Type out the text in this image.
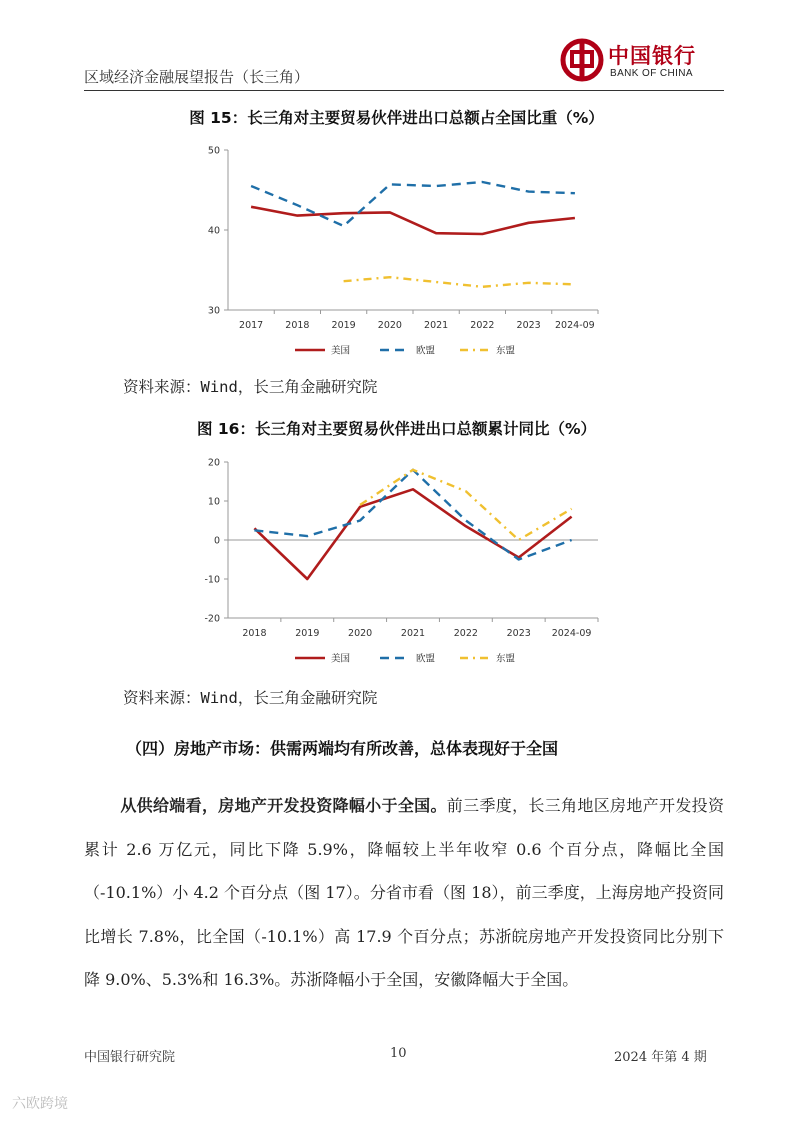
区域经济金融展望报告（长三角）
中国银行
BANK OF CHINA
图 15：长三角对主要贸易伙伴进出口总额占全国比重（%）
30
40
50
2017 2018 2019 2020 2021 2022 2023 2024-09
美国	欧盟	东盟
资料来源：Wind，长三角金融研究院
图 16：长三角对主要贸易伙伴进出口总额累计同比（%）
-20
-10
0
10
20
2018	2019	2020	2021	2022	2023 2024-09
美国	欧盟	东盟
资料来源：Wind，长三角金融研究院
（四）房地产市场：供需两端均有所改善，总体表现好于全国
从供给端看，房地产开发投资降幅小于全国。前三季度，长三角地区房地产开发投资累计 2.6 万亿元，同比下降 5.9%，降幅较上半年收窄 0.6 个百分点，降幅比全国（-10.1%）小 4.2 个百分点（图 17）。分省市看（图 18），前三季度，上海房地产投资同比增长 7.8%，比全国（-10.1%）高 17.9 个百分点；苏浙皖房地产开发投资同比分别下降 9.0%、5.3%和 16.3%。苏浙降幅小于全国，安徽降幅大于全国。
中国银行研究院	10	2024 年第 4 期
六欧跨境
